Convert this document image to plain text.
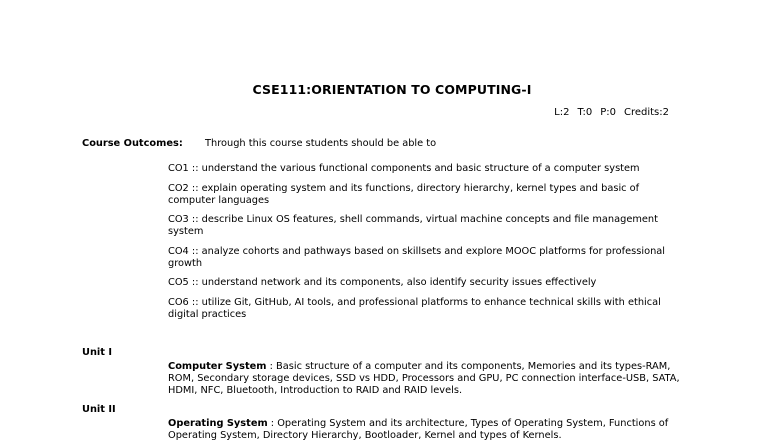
CSE111:ORIENTATION TO COMPUTING-I
L:2 T:0 P:0 Credits:2
Course Outcomes: Through this course students should be able to

CO1 :: understand the various functional components and basic structure of a computer system

CO2 :: explain operating system and its functions, directory hierarchy, kernel types and basic of computer languages

CO3 :: describe Linux OS features, shell commands, virtual machine concepts and file management system

CO4 :: analyze cohorts and pathways based on skillsets and explore MOOC platforms for professional growth

CO5 :: understand network and its components, also identify security issues effectively

CO6 :: utilize Git, GitHub, AI tools, and professional platforms to enhance technical skills with ethical digital practices

Unit I
Computer System : Basic structure of a computer and its components, Memories and its types-RAM, ROM, Secondary storage devices, SSD vs HDD, Processors and GPU, PC connection interface-USB, SATA, HDMI, NFC, Bluetooth, Introduction to RAID and RAID levels.
Unit II
Operating System : Operating System and its architecture, Types of Operating System, Functions of Operating System, Directory Hierarchy, Bootloader, Kernel and types of Kernels.
